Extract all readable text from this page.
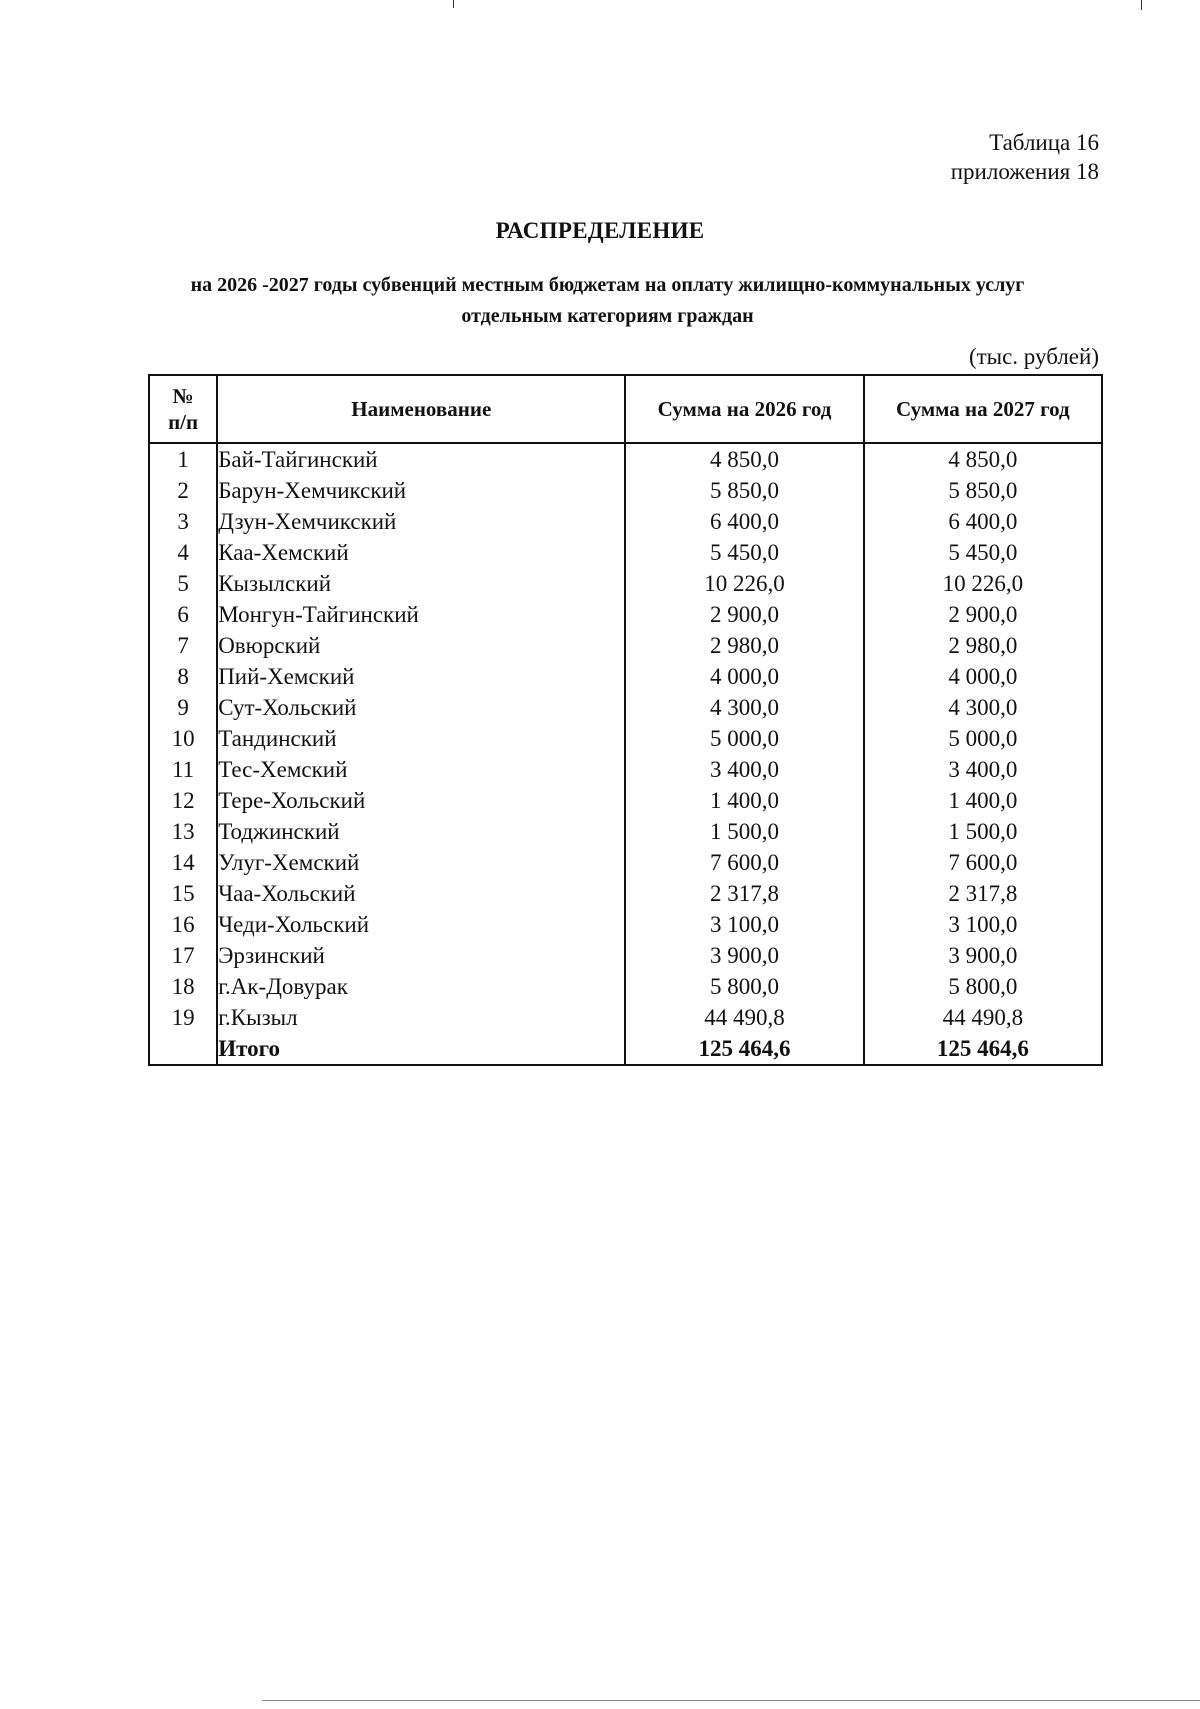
Таблица 16
приложения 18
РАСПРЕДЕЛЕНИЕ
на 2026 -2027 годы субвенций местным бюджетам на оплату жилищно-коммунальных услуг
отдельным категориям граждан
(тыс. рублей)
№
п/п	Наименование	Сумма на 2026 год	Сумма на 2027 год
1	Бай-Тайгинский	4 850,0	4 850,0
2	Барун-Хемчикский	5 850,0	5 850,0
3	Дзун-Хемчикский	6 400,0	6 400,0
4	Каа-Хемский	5 450,0	5 450,0
5	Кызылский	10 226,0	10 226,0
6	Монгун-Тайгинский	2 900,0	2 900,0
7	Овюрский	2 980,0	2 980,0
8	Пий-Хемский	4 000,0	4 000,0
9	Сут-Хольский	4 300,0	4 300,0
10	Тандинский	5 000,0	5 000,0
11	Тес-Хемский	3 400,0	3 400,0
12	Тере-Хольский	1 400,0	1 400,0
13	Тоджинский	1 500,0	1 500,0
14	Улуг-Хемский	7 600,0	7 600,0
15	Чаа-Хольский	2 317,8	2 317,8
16	Чеди-Хольский	3 100,0	3 100,0
17	Эрзинский	3 900,0	3 900,0
18	г.Ак-Довурак	5 800,0	5 800,0
19	г.Кызыл	44 490,8	44 490,8
	Итого	125 464,6	125 464,6
